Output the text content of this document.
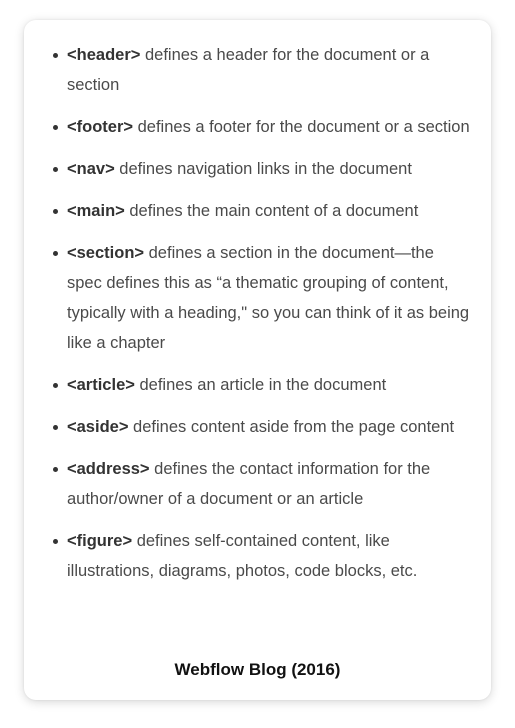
<header> defines a header for the document or a section
<footer> defines a footer for the document or a section
<nav> defines navigation links in the document
<main> defines the main content of a document
<section> defines a section in the document—the spec defines this as “a thematic grouping of content, typically with a heading," so you can think of it as being like a chapter
<article> defines an article in the document
<aside> defines content aside from the page content
<address> defines the contact information for the author/owner of a document or an article
<figure> defines self-contained content, like illustrations, diagrams, photos, code blocks, etc.
Webflow Blog (2016)
